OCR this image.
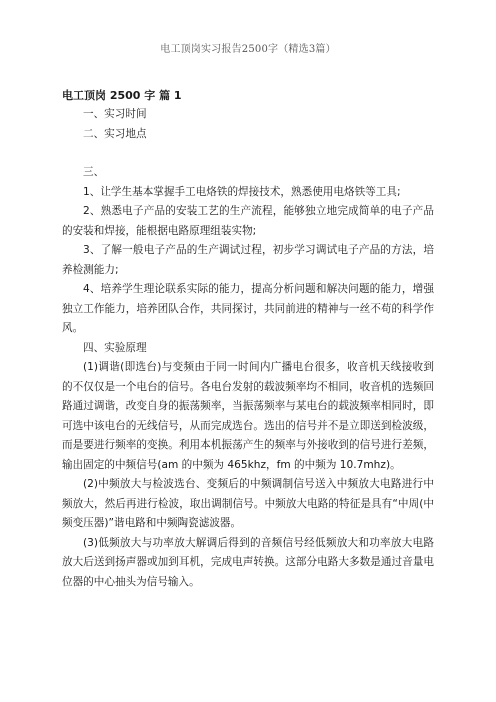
电工顶岗实习报告2500字（精选3篇）

电工顶岗 2500 字 篇 1

一、实习时间

二、实习地点

三、

1、让学生基本掌握手工电烙铁的焊接技术，熟悉使用电烙铁等工具;

2、熟悉电子产品的安装工艺的生产流程，能够独立地完成简单的电子产品的安装和焊接，能根据电路原理组装实物;

3、了解一般电子产品的生产调试过程，初步学习调试电子产品的方法，培养检测能力;

4、培养学生理论联系实际的能力，提高分析问题和解决问题的能力，增强独立工作能力，培养团队合作，共同探讨，共同前进的精神与一丝不苟的科学作风。

四、实验原理

(1)调谐(即选台)与变频由于同一时间内广播电台很多，收音机天线接收到的不仅仅是一个电台的信号。各电台发射的载波频率均不相同，收音机的选频回路通过调谐，改变自身的振荡频率，当振荡频率与某电台的载波频率相同时，即可选中该电台的无线信号，从而完成选台。选出的信号并不是立即送到检波级，而是要进行频率的变换。利用本机振荡产生的频率与外接收到的信号进行差频，输出固定的中频信号(am 的中频为 465khz，fm 的中频为 10.7mhz)。

(2)中频放大与检波选台、变频后的中频调制信号送入中频放大电路进行中频放大，然后再进行检波，取出调制信号。中频放大电路的特征是具有“中周(中频变压器)”谐电路和中频陶瓷滤波器。

(3)低频放大与功率放大解调后得到的音频信号经低频放大和功率放大电路放大后送到扬声器或加到耳机，完成电声转换。这部分电路大多数是通过音量电位器的中心抽头为信号输入。
